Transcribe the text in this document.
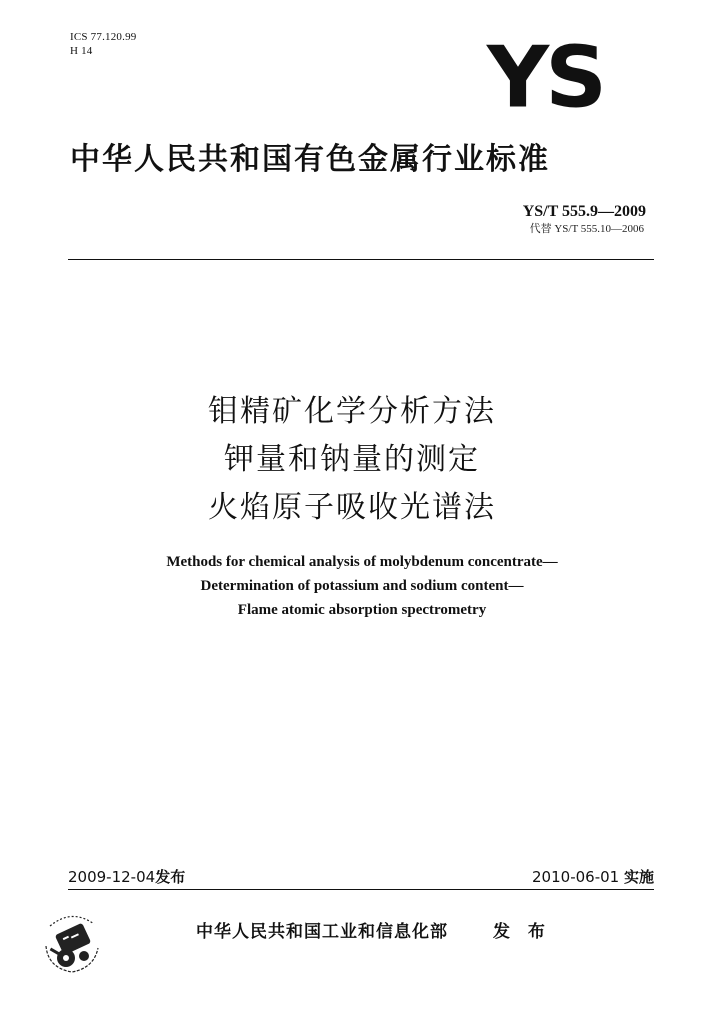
ICS 77.120.99
H 14	YS
中华人民共和国有色金属行业标准
YS/T 555.9—2009
代替 YS/T 555.10—2006
钼精矿化学分析方法
钾量和钠量的测定
火焰原子吸收光谱法
Methods for chemical analysis of molybdenum concentrate—
Determination of potassium and sodium content—
Flame atomic absorption spectrometry
2009-12-04发布	2010-06-01 实施
中华人民共和国工业和信息化部	发 布
